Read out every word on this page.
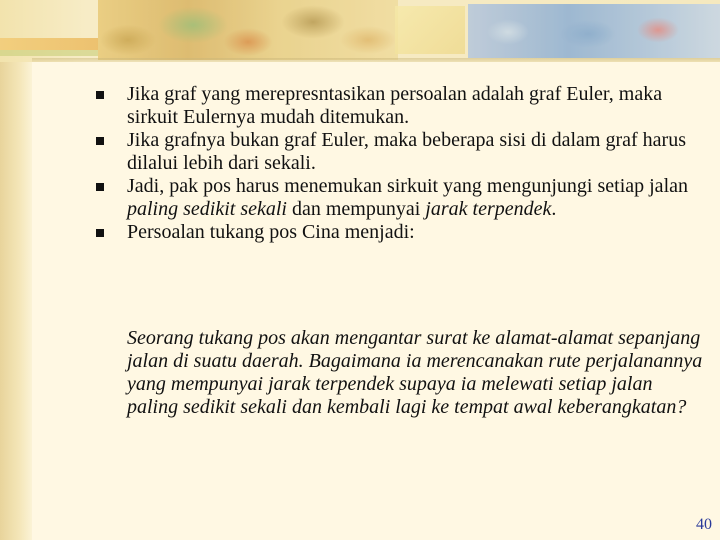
Jika graf yang merepresntasikan persoalan adalah graf Euler, maka sirkuit Eulernya mudah ditemukan.
Jika grafnya bukan graf Euler, maka beberapa sisi di dalam graf harus dilalui lebih dari sekali.
Jadi, pak pos harus menemukan sirkuit yang mengunjungi setiap jalan paling sedikit sekali dan mempunyai jarak terpendek.
Persoalan tukang pos Cina menjadi:

Seorang tukang pos akan mengantar surat ke alamat-alamat sepanjang jalan di suatu daerah. Bagaimana ia merencanakan rute perjalanannya yang mempunyai jarak terpendek supaya ia melewati setiap jalan paling sedikit sekali dan kembali lagi ke tempat awal keberangkatan?

40
